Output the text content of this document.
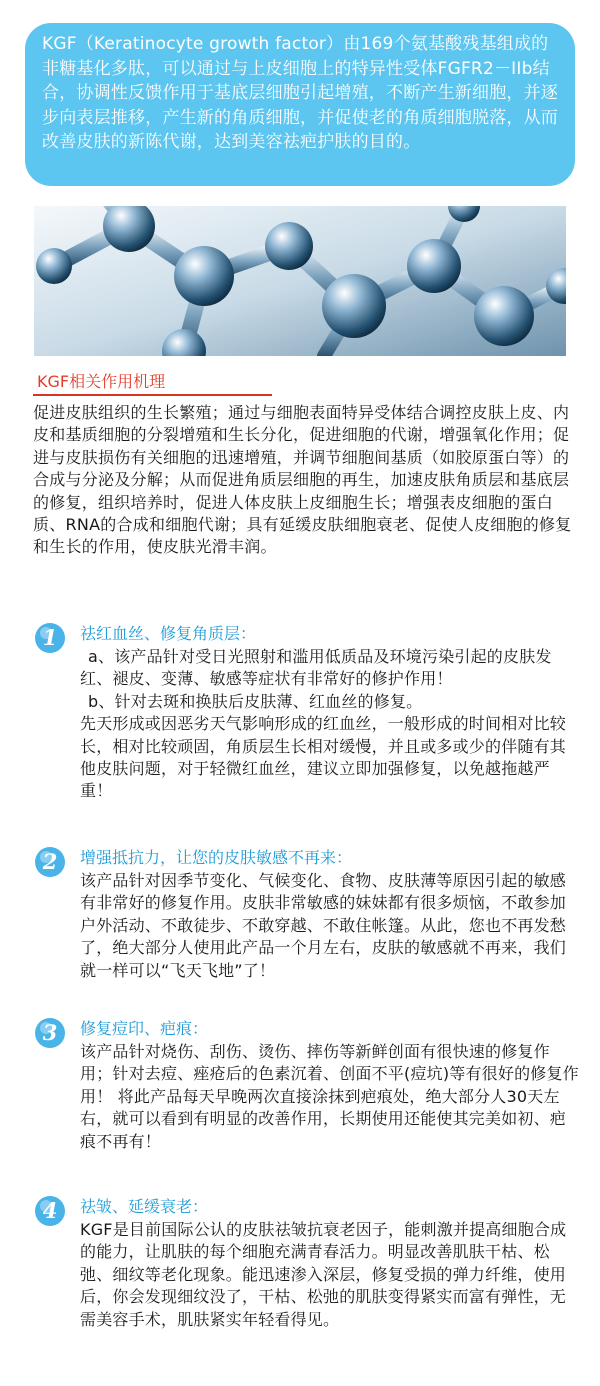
KGF（Keratinocyte growth factor）由169个氨基酸残基组成的非糖基化多肽，可以通过与上皮细胞上的特异性受体FGFR2－IIb结合，协调性反馈作用于基底层细胞引起增殖，不断产生新细胞，并逐步向表层推移，产生新的角质细胞，并促使老的角质细胞脱落，从而改善皮肤的新陈代谢，达到美容祛疤护肤的目的。
KGF相关作用机理
促进皮肤组织的生长繁殖；通过与细胞表面特异受体结合调控皮肤上皮、内皮和基质细胞的分裂增殖和生长分化，促进细胞的代谢，增强氧化作用；促进与皮肤损伤有关细胞的迅速增殖，并调节细胞间基质（如胶原蛋白等）的合成与分泌及分解；从而促进角质层细胞的再生，加速皮肤角质层和基底层的修复，组织培养时，促进人体皮肤上皮细胞生长；增强表皮细胞的蛋白质、RNA的合成和细胞代谢；具有延缓皮肤细胞衰老、促使人皮细胞的修复和生长的作用，使皮肤光滑丰润。
1 祛红血丝、修复角质层：

a、该产品针对受日光照射和滥用低质品及环境污染引起的皮肤发红、褪皮、变薄、敏感等症状有非常好的修护作用！

b、针对去斑和换肤后皮肤薄、红血丝的修复。

先天形成或因恶劣天气影响形成的红血丝，一般形成的时间相对比较长，相对比较顽固，角质层生长相对缓慢，并且或多或少的伴随有其他皮肤问题，对于轻微红血丝，建议立即加强修复，以免越拖越严重！

2 增强抵抗力，让您的皮肤敏感不再来：

该产品针对因季节变化、气候变化、食物、皮肤薄等原因引起的敏感有非常好的修复作用。皮肤非常敏感的妹妹都有很多烦恼，不敢参加户外活动、不敢徒步、不敢穿越、不敢住帐篷。从此，您也不再发愁了，绝大部分人使用此产品一个月左右，皮肤的敏感就不再来，我们就一样可以“飞天飞地”了！

3 修复痘印、疤痕：

该产品针对烧伤、刮伤、烫伤、摔伤等新鲜创面有很快速的修复作用；针对去痘、痤疮后的色素沉着、创面不平(痘坑)等有很好的修复作用！ 将此产品每天早晚两次直接涂抹到疤痕处，绝大部分人30天左右，就可以看到有明显的改善作用，长期使用还能使其完美如初、疤痕不再有！

4 祛皱、延缓衰老：

KGF是目前国际公认的皮肤祛皱抗衰老因子，能刺激并提高细胞合成的能力，让肌肤的每个细胞充满青春活力。明显改善肌肤干枯、松弛、细纹等老化现象。能迅速渗入深层，修复受损的弹力纤维，使用后，你会发现细纹没了，干枯、松弛的肌肤变得紧实而富有弹性，无需美容手术，肌肤紧实年轻看得见。
